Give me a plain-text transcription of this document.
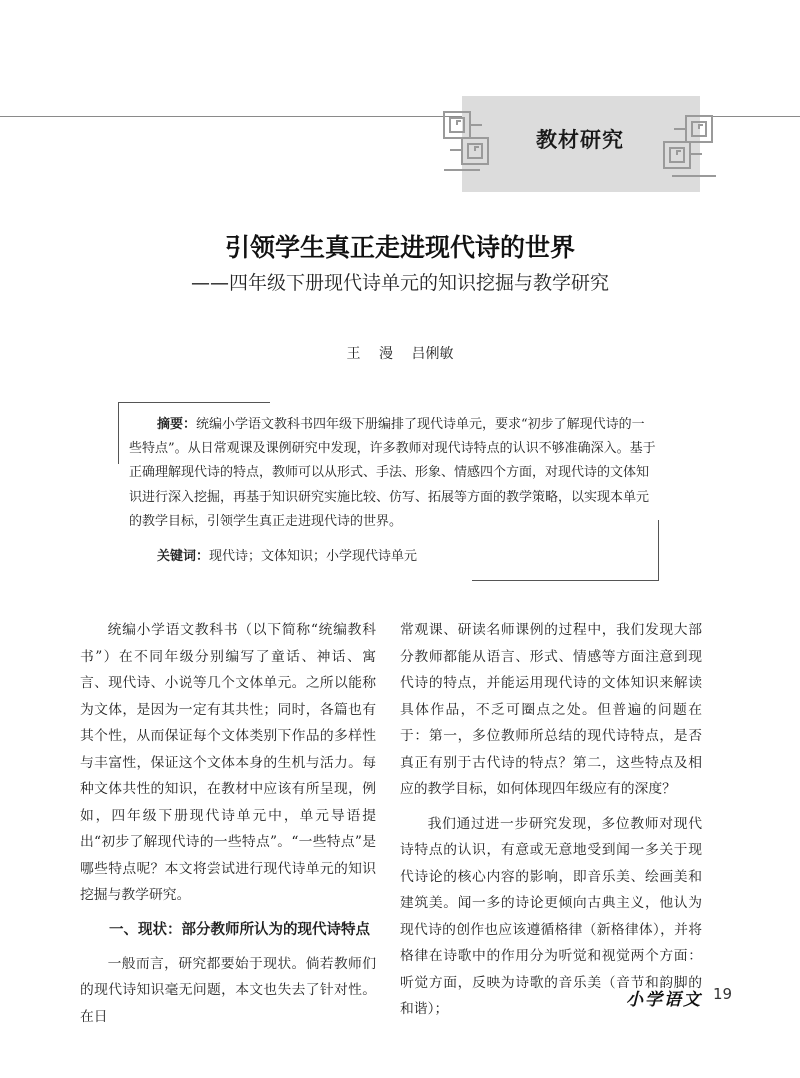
教材研究
引领学生真正走进现代诗的世界
——四年级下册现代诗单元的知识挖掘与教学研究
王 漫 吕俐敏
摘要：统编小学语文教科书四年级下册编排了现代诗单元，要求“初步了解现代诗的一些特点”。从日常观课及课例研究中发现，许多教师对现代诗特点的认识不够准确深入。基于正确理解现代诗的特点，教师可以从形式、手法、形象、情感四个方面，对现代诗的文体知识进行深入挖掘，再基于知识研究实施比较、仿写、拓展等方面的教学策略，以实现本单元的教学目标，引领学生真正走进现代诗的世界。
关键词：现代诗；文体知识；小学现代诗单元

统编小学语文教科书（以下简称“统编教科书”）在不同年级分别编写了童话、神话、寓言、现代诗、小说等几个文体单元。之所以能称为文体，是因为一定有其共性；同时，各篇也有其个性，从而保证每个文体类别下作品的多样性与丰富性，保证这个文体本身的生机与活力。每种文体共性的知识，在教材中应该有所呈现，例如，四年级下册现代诗单元中，单元导语提出“初步了解现代诗的一些特点”。“一些特点”是哪些特点呢？本文将尝试进行现代诗单元的知识挖掘与教学研究。

一、现状：部分教师所认为的现代诗特点

一般而言，研究都要始于现状。倘若教师们的现代诗知识毫无问题，本文也失去了针对性。在日

常观课、研读名师课例的过程中，我们发现大部分教师都能从语言、形式、情感等方面注意到现代诗的特点，并能运用现代诗的文体知识来解读具体作品，不乏可圈点之处。但普遍的问题在于：第一，多位教师所总结的现代诗特点，是否真正有别于古代诗的特点？第二，这些特点及相应的教学目标，如何体现四年级应有的深度？

我们通过进一步研究发现，多位教师对现代诗特点的认识，有意或无意地受到闻一多关于现代诗论的核心内容的影响，即音乐美、绘画美和建筑美。闻一多的诗论更倾向古典主义，他认为现代诗的创作也应该遵循格律（新格律体），并将格律在诗歌中的作用分为听觉和视觉两个方面：听觉方面，反映为诗歌的音乐美（音节和韵脚的和谐）；	小学语文 19
